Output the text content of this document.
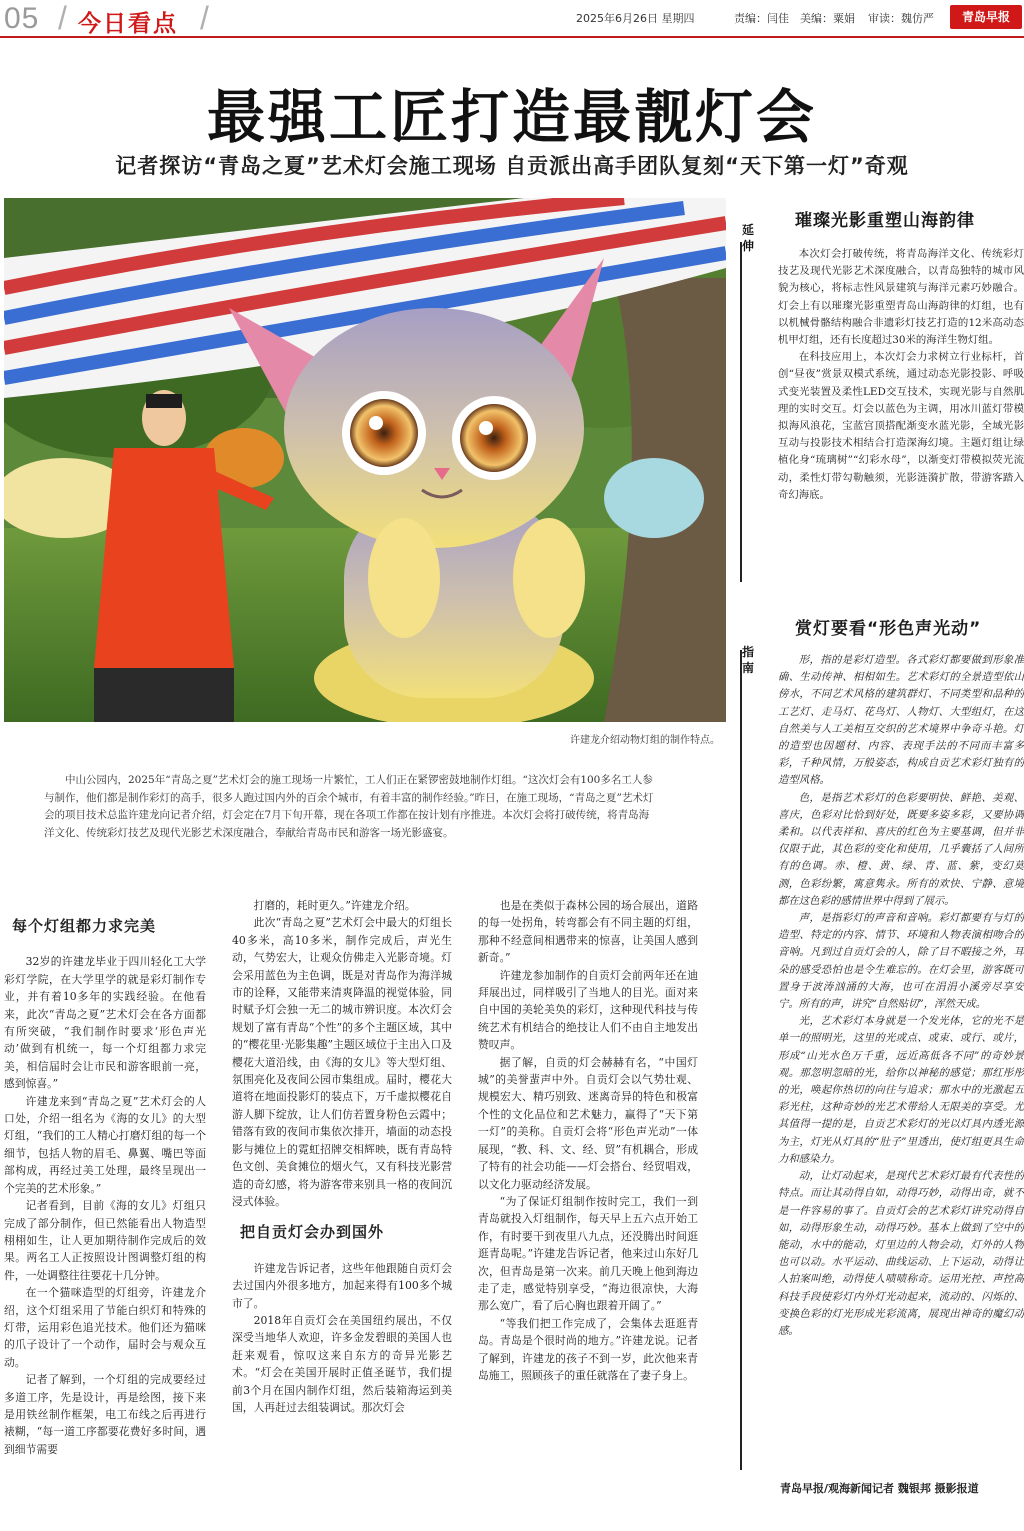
05 / 今日看点 /	2025年6月26日 星期四	责编：闫佳 美编：粟娟 审读：魏仿严	青岛早报
最强工匠打造最靓灯会
记者探访“青岛之夏”艺术灯会施工现场 自贡派出高手团队复刻“天下第一灯”奇观

许建龙介绍动物灯组的制作特点。

中山公园内，2025年“青岛之夏”艺术灯会的施工现场一片繁忙，工人们正在紧锣密鼓地制作灯组。“这次灯会有100多名工人参与制作，他们都是制作彩灯的高手，很多人跑过国内外的百余个城市，有着丰富的制作经验。”昨日，在施工现场，“青岛之夏”艺术灯会的项目技术总监许建龙向记者介绍，灯会定在7月下旬开幕，现在各项工作都在按计划有序推进。本次灯会将打破传统，将青岛海洋文化、传统彩灯技艺及现代光影艺术深度融合，奉献给青岛市民和游客一场光影盛宴。

每个灯组都力求完美

32岁的许建龙毕业于四川轻化工大学彩灯学院，在大学里学的就是彩灯制作专业，并有着10多年的实践经验。在他看来，此次“青岛之夏”艺术灯会在各方面都有所突破，“我们制作时要求‘形色声光动’做到有机统一，每一个灯组都力求完美，相信届时会让市民和游客眼前一亮，感到惊喜。”

许建龙来到“青岛之夏”艺术灯会的人口处，介绍一组名为《海的女儿》的大型灯组，“我们的工人精心打磨灯组的每一个细节，包括人物的眉毛、鼻翼、嘴巴等面部构成，再经过美工处理，最终呈现出一个完美的艺术形象。”

记者看到，目前《海的女儿》灯组只完成了部分制作，但已然能看出人物造型栩栩如生，让人更加期待制作完成后的效果。两名工人正按照设计图调整灯组的构件，一处调整往往要花十几分钟。

在一个猫咪造型的灯组旁，许建龙介绍，这个灯组采用了节能白织灯和特殊的灯带，运用彩色追光技术。他们还为猫咪的爪子设计了一个动作，届时会与观众互动。

记者了解到，一个灯组的完成要经过多道工序，先是设计，再是绘图，接下来是用铁丝制作框架，电工布线之后再进行裱糊，“每一道工序都要花费好多时间，遇到细节需要

打磨的，耗时更久。”许建龙介绍。

此次“青岛之夏”艺术灯会中最大的灯组长40多米，高10多米，制作完成后，声光生动，气势宏大，让观众仿佛走入光影奇境。灯会采用蓝色为主色调，既是对青岛作为海洋城市的诠释，又能带来清爽降温的视觉体验，同时赋予灯会独一无二的城市辨识度。本次灯会规划了富有青岛“个性”的多个主题区域，其中的“樱花里·光影集趣”主题区域位于主出入口及樱花大道沿线，由《海的女儿》等大型灯组、氛围亮化及夜间公园市集组成。届时，樱花大道将在地面投影灯的装点下，万千虚拟樱花自游人脚下绽放，让人们仿若置身粉色云霞中；错落有致的夜间市集依次排开，墙面的动态投影与摊位上的霓虹招牌交相辉映，既有青岛特色文创、美食摊位的烟火气，又有科技光影营造的奇幻感，将为游客带来别具一格的夜间沉浸式体验。

把自贡灯会办到国外

许建龙告诉记者，这些年他跟随自贡灯会去过国内外很多地方，加起来得有100多个城市了。

2018年自贡灯会在美国纽约展出，不仅深受当地华人欢迎，许多金发碧眼的美国人也赶来观看，惊叹这来自东方的奇异光影艺术。“灯会在美国开展时正值圣诞节，我们提前3个月在国内制作灯组，然后装箱海运到美国，人再赶过去组装调试。那次灯会

也是在类似于森林公园的场合展出，道路的每一处拐角，转弯都会有不同主题的灯组，那种不经意间相遇带来的惊喜，让美国人感到新奇。”

许建龙参加制作的自贡灯会前两年还在迪拜展出过，同样吸引了当地人的目光。面对来自中国的美轮美奂的彩灯，这种现代科技与传统艺术有机结合的绝技让人们不由自主地发出赞叹声。

据了解，自贡的灯会赫赫有名，“中国灯城”的美誉蜚声中外。自贡灯会以气势壮观、规模宏大、精巧别致、迷离奇异的特色和极富个性的文化品位和艺术魅力，赢得了“天下第一灯”的美称。自贡灯会将“形色声光动”一体展现，“教、科、文、经、贸”有机耦合，形成了特有的社会功能——灯会搭台、经贸唱戏，以文化力驱动经济发展。

“为了保证灯组制作按时完工，我们一到青岛就投入灯组制作，每天早上五六点开始工作，有时要干到夜里八九点，还没腾出时间逛逛青岛呢。”许建龙告诉记者，他来过山东好几次，但青岛是第一次来。前几天晚上他到海边走了走，感觉特别享受，“海边很凉快，大海那么宽广，看了后心胸也跟着开阔了。”

“等我们把工作完成了，会集体去逛逛青岛。青岛是个很时尚的地方。”许建龙说。记者了解到，许建龙的孩子不到一岁，此次他来青岛施工，照顾孩子的重任就落在了妻子身上。

延伸
璀璨光影重塑山海韵律

本次灯会打破传统，将青岛海洋文化、传统彩灯技艺及现代光影艺术深度融合，以青岛独特的城市风貌为核心，将标志性风景建筑与海洋元素巧妙融合。灯会上有以璀璨光影重塑青岛山海韵律的灯组，也有以机械骨骼结构融合非遗彩灯技艺打造的12米高动态机甲灯组，还有长度超过30米的海洋生物灯组。

在科技应用上，本次灯会力求树立行业标杆，首创“昼夜”赏景双模式系统，通过动态光影投影、呼吸式变光装置及柔性LED交互技术，实现光影与自然肌理的实时交互。灯会以蓝色为主调，用冰川蓝灯带模拟海风浪花，宝蓝宫顶搭配渐变水蓝光影，全域光影互动与投影技术相结合打造深海幻境。主题灯组让绿植化身“琉璃树”“幻彩水母”，以渐变灯带模拟荧光流动，柔性灯带勾勒触须，光影涟漪扩散，带游客踏入奇幻海底。

指南
赏灯要看“形色声光动”

形，指的是彩灯造型。各式彩灯都要做到形象准确、生动传神、相相如生。艺术彩灯的全景造型依山傍水，不同艺术风格的建筑群灯、不同类型和品种的工艺灯、走马灯、花鸟灯、人物灯、大型组灯，在这自然美与人工美相互交织的艺术境界中争奇斗艳。灯的造型也因题材、内容、表现手法的不同而丰富多彩，千种风情，万般姿态，构成自贡艺术彩灯独有的造型风格。

色，是指艺术彩灯的色彩要明快、鲜艳、美观、喜庆，色彩对比恰到好处，既要多姿多彩，又要协调柔和。以代表祥和、喜庆的红色为主要基调，但并非仅限于此，其色彩的变化和使用，几乎囊括了人间所有的色调。赤、橙、黄、绿、青、蓝、紫，变幻莫测，色彩纷繁，寓意隽永。所有的欢快、宁静、意境都在这色彩的感情世界中得到了展示。

声，是指彩灯的声音和音响。彩灯都要有与灯的造型、特定的内容、情节、环境和人物表演相吻合的音响。凡到过自贡灯会的人，除了目不暇接之外，耳朵的感受恐怕也是令生难忘的。在灯会里，游客既可置身于波涛汹涌的大海，也可在涓涓小溪旁尽享安宁。所有的声，讲究“自然贴切”，浑然天成。

光，艺术彩灯本身就是一个发光体，它的光不是单一的照明光，这里的光或点、或束、或行、或片，形成“山光水色万千重，远近高低各不同”的奇妙景观。那忽明忽暗的光，给你以神秘的感觉；那红彤彤的光，唤起你热切的向往与追求；那水中的光激起五彩光柱，这种奇妙的光艺术带给人无限美的享受。尤其值得一提的是，自贡艺术彩灯的光以灯具内透光源为主，灯光从灯具的“肚子”里透出，使灯组更具生命力和感染力。

动，让灯动起来，是现代艺术彩灯最有代表性的特点。而让其动得自如，动得巧妙，动得出奇，就不是一件容易的事了。自贡灯会的艺术彩灯讲究动得自如，动得形象生动，动得巧妙。基本上做到了空中的能动，水中的能动，灯里边的人物会动，灯外的人物也可以动。水平运动、曲线运动、上下运动，动得让人拍案叫绝，动得使人啧啧称奇。运用光控、声控高科技手段使彩灯内外灯光动起来，流动的、闪烁的、变换色彩的灯光形成光彩流离，展现出神奇的魔幻动感。

青岛早报/观海新闻记者 魏银邦 摄影报道
